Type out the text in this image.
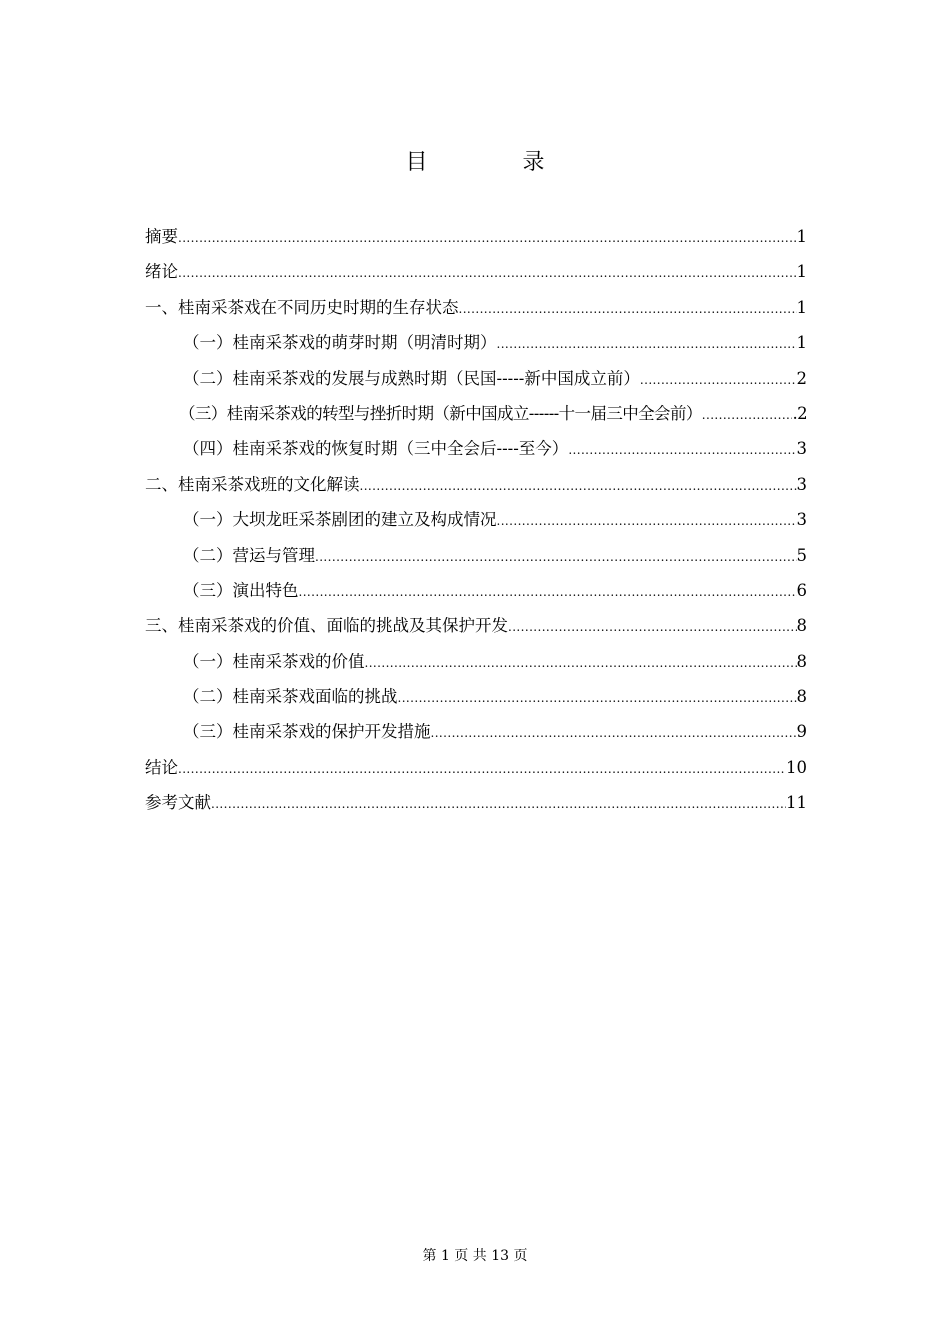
目 录
摘要 .....	1
绪论 .....	1
一、桂南采茶戏在不同历史时期的生存状态 .....	1
（一）桂南采茶戏的萌芽时期（明清时期） .....	1
（二）桂南采茶戏的发展与成熟时期（民国-----新中国成立前） .....	2
（三）桂南采茶戏的转型与挫折时期（新中国成立------十一届三中全会前） .....	.2
（四）桂南采茶戏的恢复时期（三中全会后----至今） .....	3
二、桂南采茶戏班的文化解读 .....	3
（一）大坝龙旺采茶剧团的建立及构成情况 .....	3
（二）营运与管理 .....	5
（三）演出特色 .....	6
三、桂南采茶戏的价值、面临的挑战及其保护开发 .....	8
（一）桂南采茶戏的价值 .....	8
（二）桂南采茶戏面临的挑战 .....	8
（三）桂南采茶戏的保护开发措施 .....	9
结论 .....	10
参考文献 .....	11
第 1 页 共 13 页
